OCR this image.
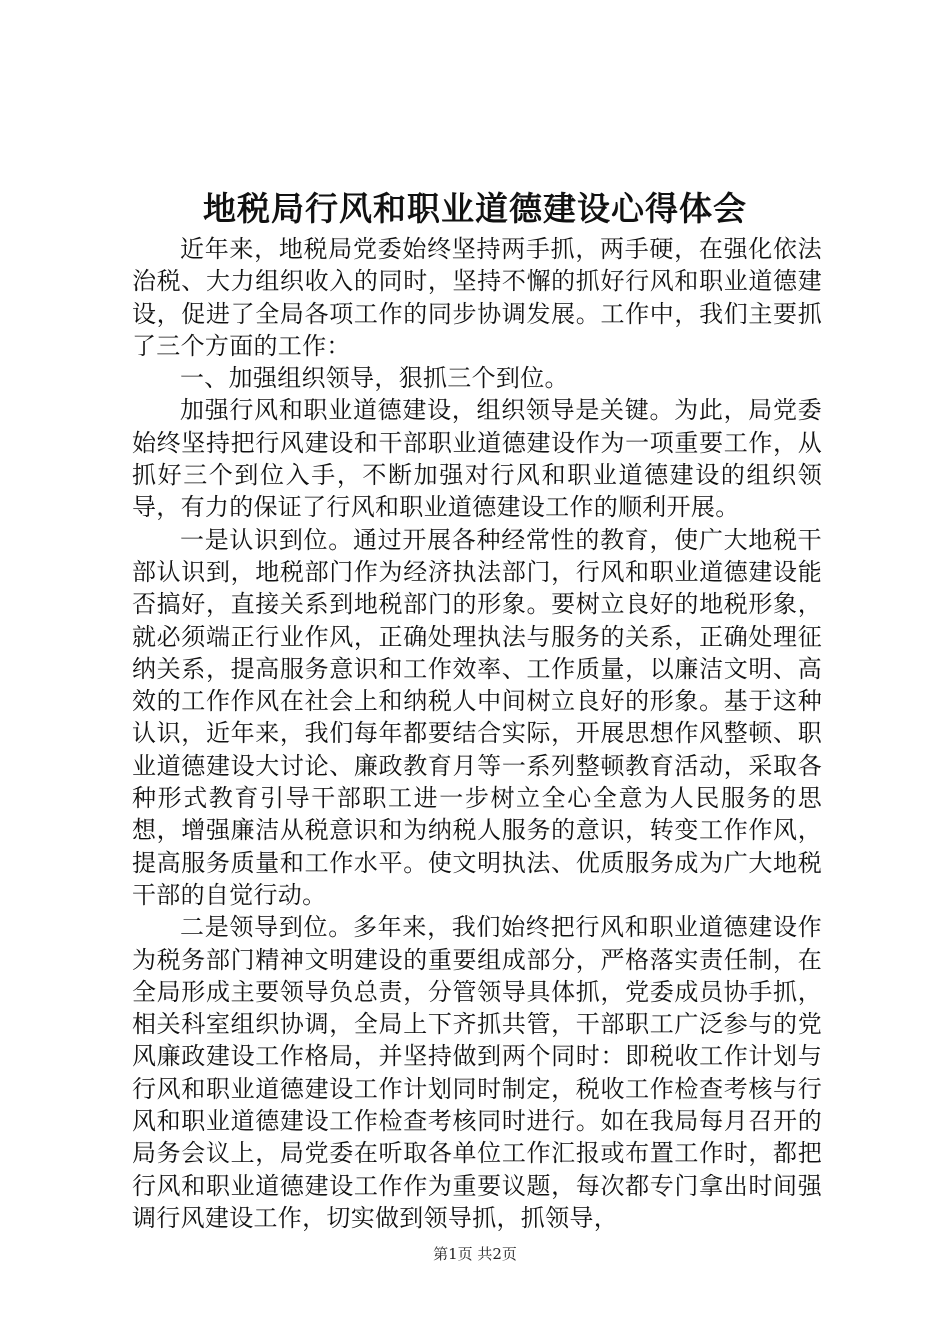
地税局行风和职业道德建设心得体会

近年来，地税局党委始终坚持两手抓，两手硬，在强化依法治税、大力组织收入的同时，坚持不懈的抓好行风和职业道德建设，促进了全局各项工作的同步协调发展。工作中，我们主要抓了三个方面的工作：

一、加强组织领导，狠抓三个到位。

加强行风和职业道德建设，组织领导是关键。为此，局党委始终坚持把行风建设和干部职业道德建设作为一项重要工作，从抓好三个到位入手，不断加强对行风和职业道德建设的组织领导，有力的保证了行风和职业道德建设工作的顺利开展。

一是认识到位。通过开展各种经常性的教育，使广大地税干部认识到，地税部门作为经济执法部门，行风和职业道德建设能否搞好，直接关系到地税部门的形象。要树立良好的地税形象，就必须端正行业作风，正确处理执法与服务的关系，正确处理征纳关系，提高服务意识和工作效率、工作质量，以廉洁文明、高效的工作作风在社会上和纳税人中间树立良好的形象。基于这种认识，近年来，我们每年都要结合实际，开展思想作风整顿、职业道德建设大讨论、廉政教育月等一系列整顿教育活动，采取各种形式教育引导干部职工进一步树立全心全意为人民服务的思想，增强廉洁从税意识和为纳税人服务的意识，转变工作作风，提高服务质量和工作水平。使文明执法、优质服务成为广大地税干部的自觉行动。

二是领导到位。多年来，我们始终把行风和职业道德建设作为税务部门精神文明建设的重要组成部分，严格落实责任制，在全局形成主要领导负总责，分管领导具体抓，党委成员协手抓，相关科室组织协调，全局上下齐抓共管，干部职工广泛参与的党风廉政建设工作格局，并坚持做到两个同时：即税收工作计划与行风和职业道德建设工作计划同时制定，税收工作检查考核与行风和职业道德建设工作检查考核同时进行。如在我局每月召开的局务会议上，局党委在听取各单位工作汇报或布置工作时，都把行风和职业道德建设工作作为重要议题，每次都专门拿出时间强调行风建设工作，切实做到领导抓，抓领导，

第1页 共2页
